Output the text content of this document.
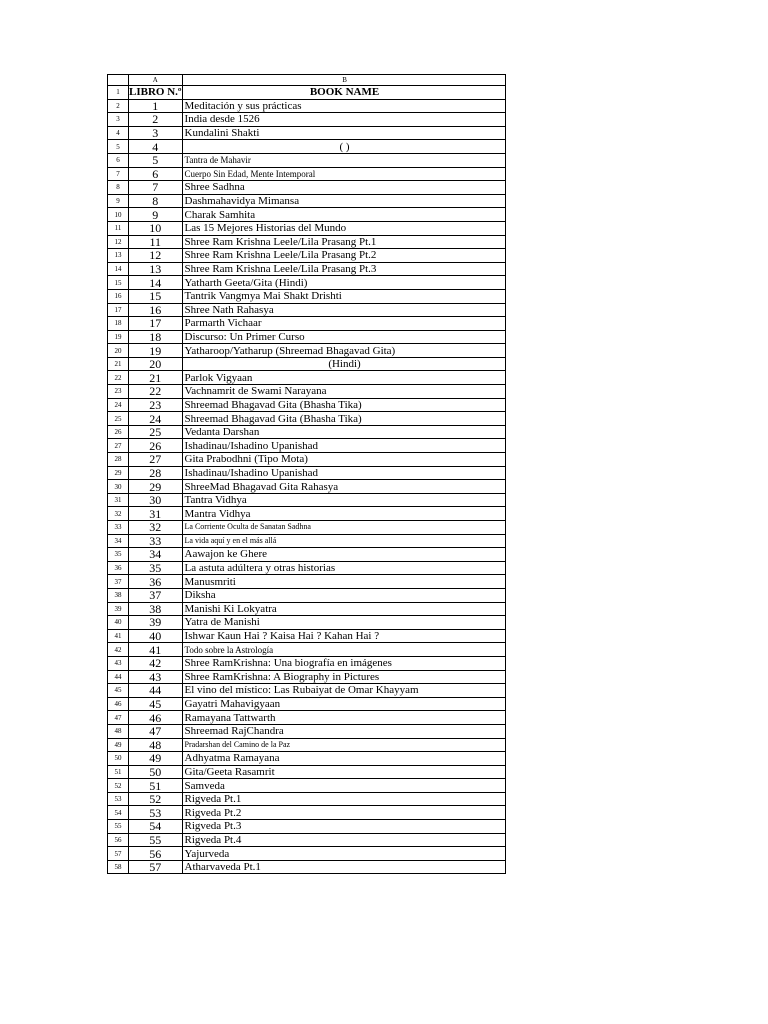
	A	B
1	LIBRO N.º	BOOK NAME
2	1	Meditación y sus prácticas
3	2	India desde 1526
4	3	Kundalini Shakti
5	4	( )
6	5	Tantra de Mahavir
7	6	Cuerpo Sin Edad, Mente Intemporal
8	7	Shree Sadhna
9	8	Dashmahavidya Mimansa
10	9	Charak Samhita
11	10	Las 15 Mejores Historias del Mundo
12	11	Shree Ram Krishna Leele/Lila Prasang Pt.1
13	12	Shree Ram Krishna Leele/Lila Prasang Pt.2
14	13	Shree Ram Krishna Leele/Lila Prasang Pt.3
15	14	Yatharth Geeta/Gita (Hindi)
16	15	Tantrik Vangmya Mai Shakt Drishti
17	16	Shree Nath Rahasya
18	17	Parmarth Vichaar
19	18	Discurso: Un Primer Curso
20	19	Yatharoop/Yatharup (Shreemad Bhagavad Gita)
21	20	(Hindi)
22	21	Parlok Vigyaan
23	22	Vachnamrit de Swami Narayana
24	23	Shreemad Bhagavad Gita (Bhasha Tika)
25	24	Shreemad Bhagavad Gita (Bhasha Tika)
26	25	Vedanta Darshan
27	26	Ishadinau/Ishadino Upanishad
28	27	Gita Prabodhni (Tipo Mota)
29	28	Ishadinau/Ishadino Upanishad
30	29	ShreeMad Bhagavad Gita Rahasya
31	30	Tantra Vidhya
32	31	Mantra Vidhya
33	32	La Corriente Oculta de Sanatan Sadhna
34	33	La vida aquí y en el más allá
35	34	Aawajon ke Ghere
36	35	La astuta adúltera y otras historias
37	36	Manusmriti
38	37	Diksha
39	38	Manishi Ki Lokyatra
40	39	Yatra de Manishi
41	40	Ishwar Kaun Hai ? Kaisa Hai ? Kahan Hai ?
42	41	Todo sobre la Astrología
43	42	Shree RamKrishna: Una biografía en imágenes
44	43	Shree RamKrishna: A Biography in Pictures
45	44	El vino del místico: Las Rubaiyat de Omar Khayyam
46	45	Gayatri Mahavigyaan
47	46	Ramayana Tattwarth
48	47	Shreemad RajChandra
49	48	Pradarshan del Camino de la Paz
50	49	Adhyatma Ramayana
51	50	Gita/Geeta Rasamrit
52	51	Samveda
53	52	Rigveda Pt.1
54	53	Rigveda Pt.2
55	54	Rigveda Pt.3
56	55	Rigveda Pt.4
57	56	Yajurveda
58	57	Atharvaveda Pt.1
